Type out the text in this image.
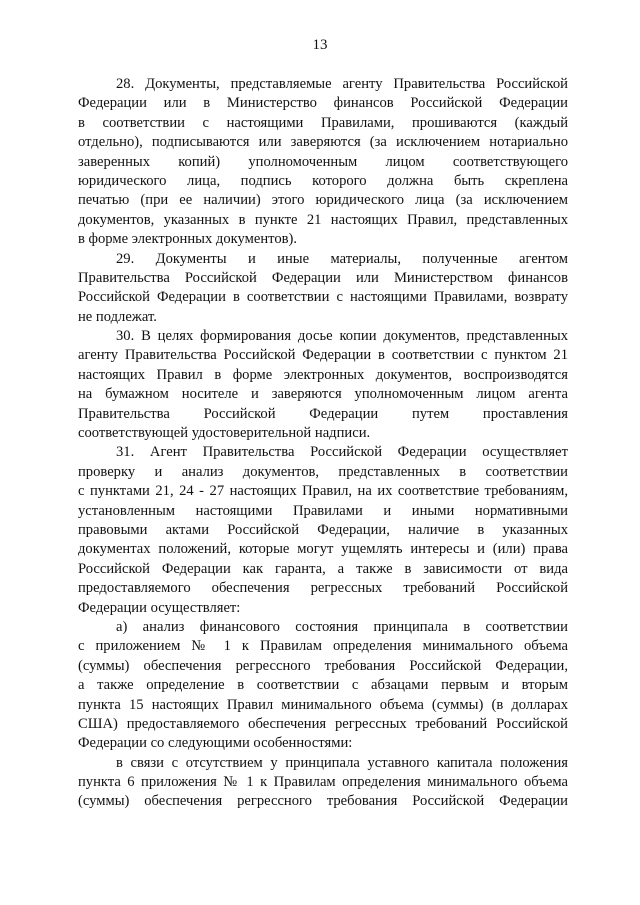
13
28. Документы, представляемые агенту Правительства Российской
Федерации или в Министерство финансов Российской Федерации
в соответствии с настоящими Правилами, прошиваются (каждый
отдельно), подписываются или заверяются (за исключением нотариально
заверенных копий) уполномоченным лицом соответствующего
юридического лица, подпись которого должна быть скреплена
печатью (при ее наличии) этого юридического лица (за исключением
документов, указанных в пункте 21 настоящих Правил, представленных
в форме электронных документов).
29. Документы и иные материалы, полученные агентом
Правительства Российской Федерации или Министерством финансов
Российской Федерации в соответствии с настоящими Правилами, возврату
не подлежат.
30. В целях формирования досье копии документов, представленных
агенту Правительства Российской Федерации в соответствии с пунктом 21
настоящих Правил в форме электронных документов, воспроизводятся
на бумажном носителе и заверяются уполномоченным лицом агента
Правительства Российской Федерации путем проставления
соответствующей удостоверительной надписи.
31. Агент Правительства Российской Федерации осуществляет
проверку и анализ документов, представленных в соответствии
с пунктами 21, 24 - 27 настоящих Правил, на их соответствие требованиям,
установленным настоящими Правилами и иными нормативными
правовыми актами Российской Федерации, наличие в указанных
документах положений, которые могут ущемлять интересы и (или) права
Российской Федерации как гаранта, а также в зависимости от вида
предоставляемого обеспечения регрессных требований Российской
Федерации осуществляет:
а) анализ финансового состояния принципала в соответствии
с приложением № 1 к Правилам определения минимального объема
(суммы) обеспечения регрессного требования Российской Федерации,
а также определение в соответствии с абзацами первым и вторым
пункта 15 настоящих Правил минимального объема (суммы) (в долларах
США) предоставляемого обеспечения регрессных требований Российской
Федерации со следующими особенностями:
в связи с отсутствием у принципала уставного капитала положения
пункта 6 приложения № 1 к Правилам определения минимального объема
(суммы) обеспечения регрессного требования Российской Федерации
